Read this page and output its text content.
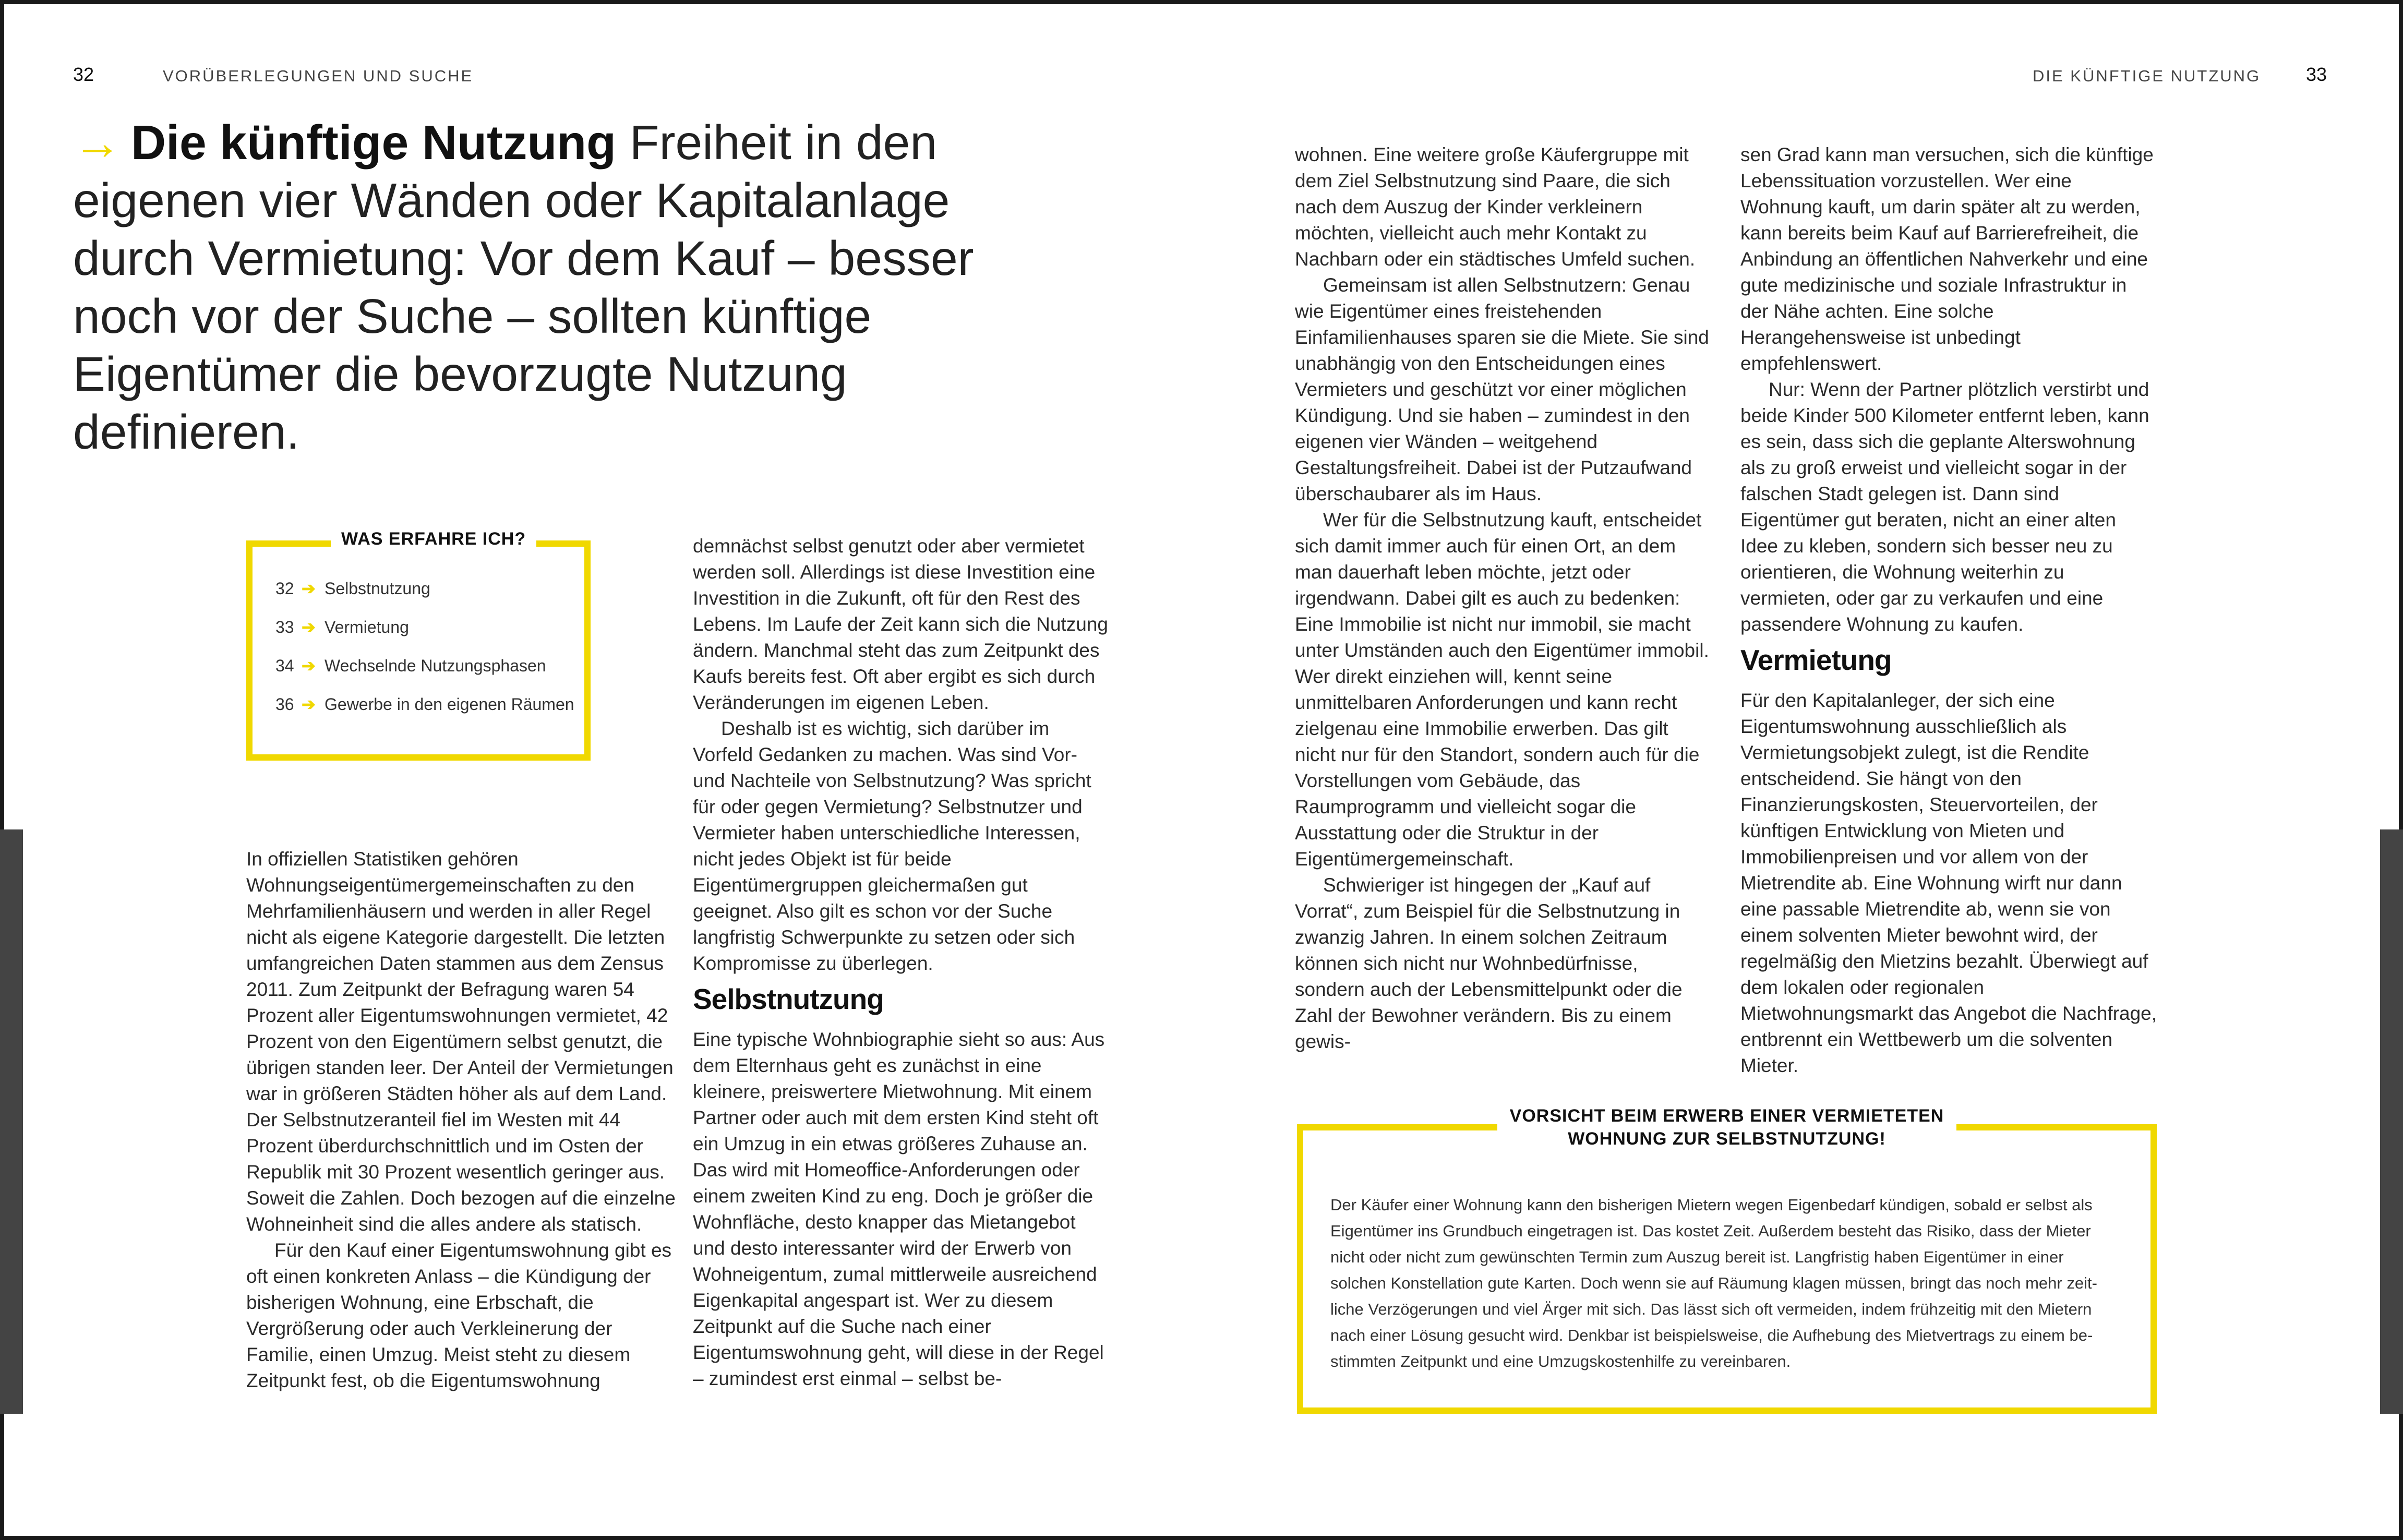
32	VORÜBERLEGUNGEN UND SUCHE	DIE KÜNFTIGE NUTZUNG 33
→ Die künftige Nutzung Freiheit in den eigenen vier Wänden oder Kapitalanlage durch Vermietung: Vor dem Kauf – besser noch vor der Suche – sollten künftige Eigentümer die bevorzugte Nutzung definieren.
WAS ERFAHRE ICH?
32 ➔ Selbstnutzung
33 ➔ Vermietung
34 ➔ Wechselnde Nutzungsphasen
36 ➔ Gewerbe in den eigenen Räumen

In offiziellen Statistiken gehören Wohnungseigentümergemeinschaften zu den Mehrfamilienhäusern und werden in aller Regel nicht als eigene Kategorie dargestellt. Die letzten umfangreichen Daten stammen aus dem Zensus 2011. Zum Zeitpunkt der Befragung waren 54 Prozent aller Eigentumswohnungen vermietet, 42 Prozent von den Eigentümern selbst genutzt, die übrigen standen leer. Der Anteil der Vermietungen war in größeren Städten höher als auf dem Land. Der Selbstnutzeranteil fiel im Westen mit 44 Prozent überdurchschnittlich und im Osten der Republik mit 30 Prozent wesentlich geringer aus. Soweit die Zahlen. Doch bezogen auf die einzelne Wohneinheit sind die alles andere als statisch.

Für den Kauf einer Eigentumswohnung gibt es oft einen konkreten Anlass – die Kündigung der bisherigen Wohnung, eine Erbschaft, die Vergrößerung oder auch Verkleinerung der Familie, einen Umzug. Meist steht zu diesem Zeitpunkt fest, ob die Eigentumswohnung

demnächst selbst genutzt oder aber vermietet werden soll. Allerdings ist diese Investition eine Investition in die Zukunft, oft für den Rest des Lebens. Im Laufe der Zeit kann sich die Nutzung ändern. Manchmal steht das zum Zeitpunkt des Kaufs bereits fest. Oft aber ergibt es sich durch Veränderungen im eigenen Leben.

Deshalb ist es wichtig, sich darüber im Vorfeld Gedanken zu machen. Was sind Vor- und Nachteile von Selbstnutzung? Was spricht für oder gegen Vermietung? Selbstnutzer und Vermieter haben unterschiedliche Interessen, nicht jedes Objekt ist für beide Eigentümergruppen gleichermaßen gut geeignet. Also gilt es schon vor der Suche langfristig Schwerpunkte zu setzen oder sich Kompromisse zu überlegen.

Selbstnutzung

Eine typische Wohnbiographie sieht so aus: Aus dem Elternhaus geht es zunächst in eine kleinere, preiswertere Mietwohnung. Mit einem Partner oder auch mit dem ersten Kind steht oft ein Umzug in ein etwas größeres Zuhause an. Das wird mit Homeoffice-Anforderungen oder einem zweiten Kind zu eng. Doch je größer die Wohnfläche, desto knapper das Mietangebot und desto interessanter wird der Erwerb von Wohneigentum, zumal mittlerweile ausreichend Eigenkapital angespart ist. Wer zu diesem Zeitpunkt auf die Suche nach einer Eigentumswohnung geht, will diese in der Regel – zumindest erst einmal – selbst be-

wohnen. Eine weitere große Käufergruppe mit dem Ziel Selbstnutzung sind Paare, die sich nach dem Auszug der Kinder verkleinern möchten, vielleicht auch mehr Kontakt zu Nachbarn oder ein städtisches Umfeld suchen.

Gemeinsam ist allen Selbstnutzern: Genau wie Eigentümer eines freistehenden Einfamilienhauses sparen sie die Miete. Sie sind unabhängig von den Entscheidungen eines Vermieters und geschützt vor einer möglichen Kündigung. Und sie haben – zumindest in den eigenen vier Wänden – weitgehend Gestaltungsfreiheit. Dabei ist der Putzaufwand überschaubarer als im Haus.

Wer für die Selbstnutzung kauft, entscheidet sich damit immer auch für einen Ort, an dem man dauerhaft leben möchte, jetzt oder irgendwann. Dabei gilt es auch zu bedenken: Eine Immobilie ist nicht nur immobil, sie macht unter Umständen auch den Eigentümer immobil. Wer direkt einziehen will, kennt seine unmittelbaren Anforderungen und kann recht zielgenau eine Immobilie erwerben. Das gilt nicht nur für den Standort, sondern auch für die Vorstellungen vom Gebäude, das Raumprogramm und vielleicht sogar die Ausstattung oder die Struktur in der Eigentümergemeinschaft.

Schwieriger ist hingegen der „Kauf auf Vorrat“, zum Beispiel für die Selbstnutzung in zwanzig Jahren. In einem solchen Zeitraum können sich nicht nur Wohnbedürfnisse, sondern auch der Lebensmittelpunkt oder die Zahl der Bewohner verändern. Bis zu einem gewis-

sen Grad kann man versuchen, sich die künftige Lebenssituation vorzustellen. Wer eine Wohnung kauft, um darin später alt zu werden, kann bereits beim Kauf auf Barrierefreiheit, die Anbindung an öffentlichen Nahverkehr und eine gute medizinische und soziale Infrastruktur in der Nähe achten. Eine solche Herangehensweise ist unbedingt empfehlenswert.

Nur: Wenn der Partner plötzlich verstirbt und beide Kinder 500 Kilometer entfernt leben, kann es sein, dass sich die geplante Alterswohnung als zu groß erweist und vielleicht sogar in der falschen Stadt gelegen ist. Dann sind Eigentümer gut beraten, nicht an einer alten Idee zu kleben, sondern sich besser neu zu orientieren, die Wohnung weiterhin zu vermieten, oder gar zu verkaufen und eine passendere Wohnung zu kaufen.

Vermietung

Für den Kapitalanleger, der sich eine Eigentumswohnung ausschließlich als Vermietungsobjekt zulegt, ist die Rendite entscheidend. Sie hängt von den Finanzierungskosten, Steuervorteilen, der künftigen Entwicklung von Mieten und Immobilienpreisen und vor allem von der Mietrendite ab. Eine Wohnung wirft nur dann eine passable Mietrendite ab, wenn sie von einem solventen Mieter bewohnt wird, der regelmäßig den Mietzins bezahlt. Überwiegt auf dem lokalen oder regionalen Mietwohnungsmarkt das Angebot die Nachfrage, entbrennt ein Wettbewerb um die solventen Mieter.

VORSICHT BEIM ERWERB EINER VERMIETETEN
WOHNUNG ZUR SELBSTNUTZUNG!
Der Käufer einer Wohnung kann den bisherigen Mietern wegen Eigenbedarf kündigen, sobald er selbst als
Eigentümer ins Grundbuch eingetragen ist. Das kostet Zeit. Außerdem besteht das Risiko, dass der Mieter
nicht oder nicht zum gewünschten Termin zum Auszug bereit ist. Langfristig haben Eigentümer in einer
solchen Konstellation gute Karten. Doch wenn sie auf Räumung klagen müssen, bringt das noch mehr zeit-
liche Verzögerungen und viel Ärger mit sich. Das lässt sich oft vermeiden, indem frühzeitig mit den Mietern
nach einer Lösung gesucht wird. Denkbar ist beispielsweise, die Aufhebung des Mietvertrags zu einem be-
stimmten Zeitpunkt und eine Umzugskostenhilfe zu vereinbaren.
